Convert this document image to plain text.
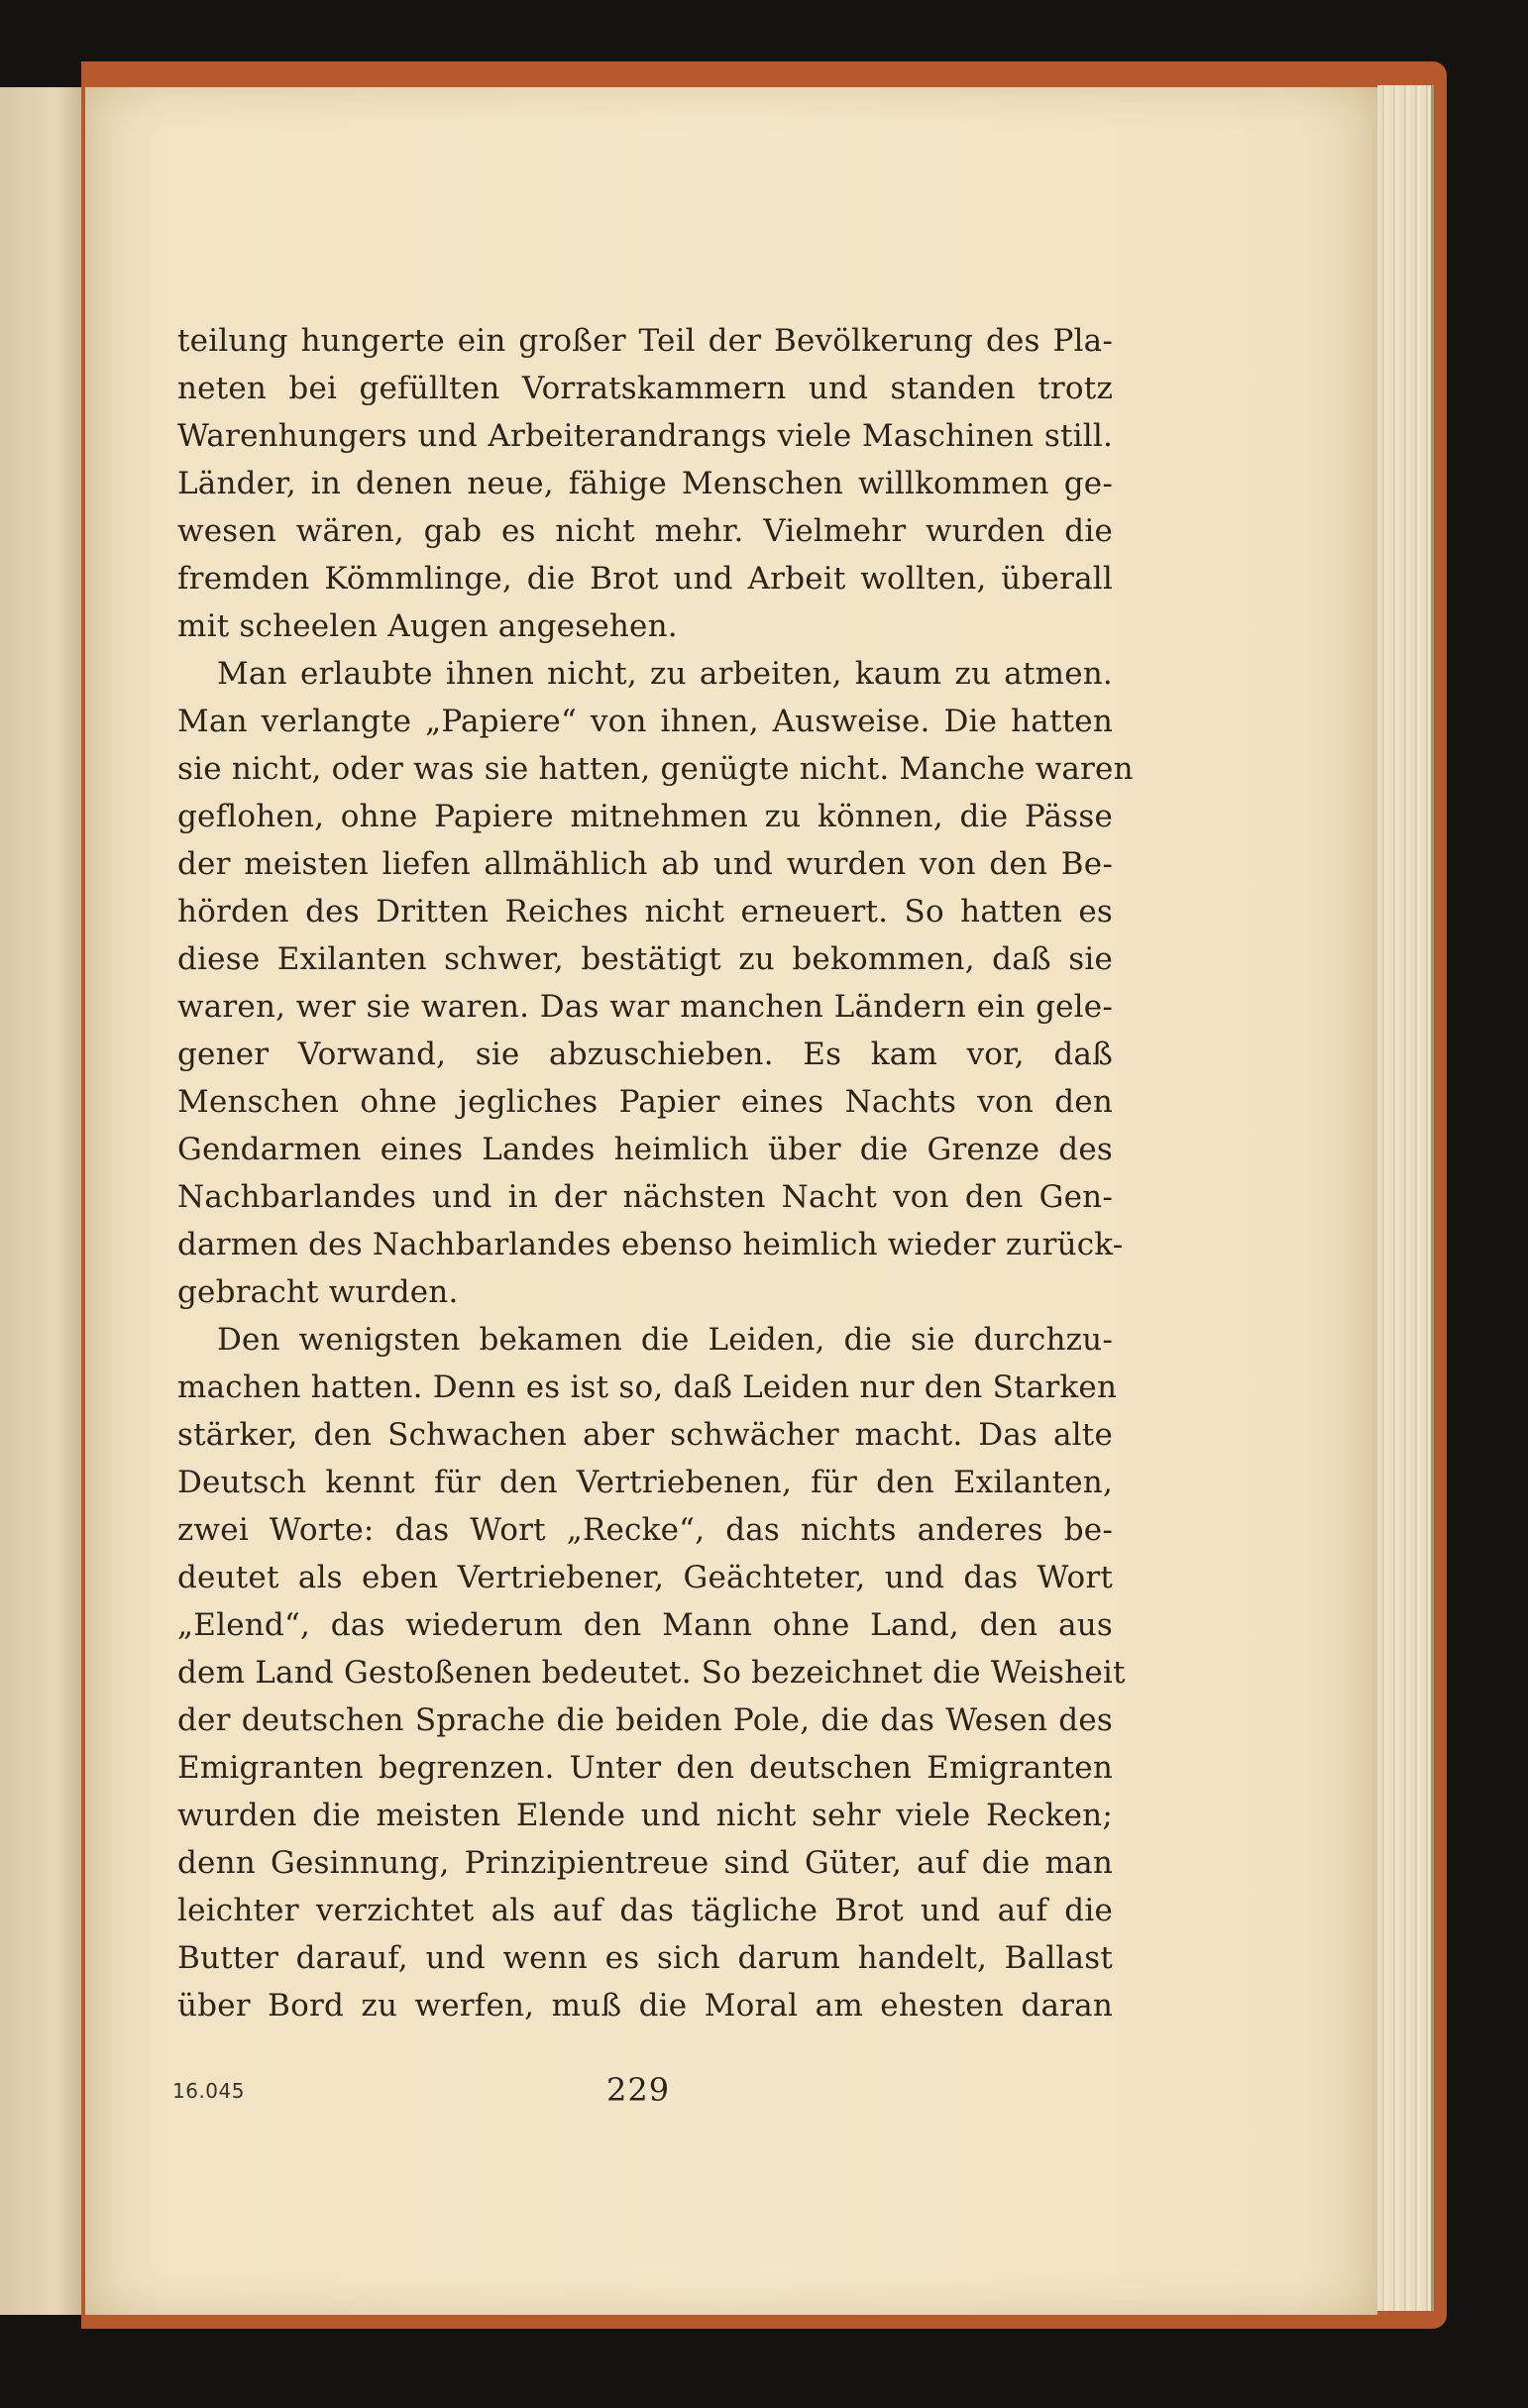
teilung hungerte ein großer Teil der Bevölkerung des Pla-
neten bei gefüllten Vorratskammern und standen trotz
Warenhungers und Arbeiterandrangs viele Maschinen still.
Länder, in denen neue, fähige Menschen willkommen ge-
wesen wären, gab es nicht mehr. Vielmehr wurden die
fremden Kömmlinge, die Brot und Arbeit wollten, überall
mit scheelen Augen angesehen.
Man erlaubte ihnen nicht, zu arbeiten, kaum zu atmen.
Man verlangte „Papiere“ von ihnen, Ausweise. Die hatten
sie nicht, oder was sie hatten, genügte nicht. Manche waren
geflohen, ohne Papiere mitnehmen zu können, die Pässe
der meisten liefen allmählich ab und wurden von den Be-
hörden des Dritten Reiches nicht erneuert. So hatten es
diese Exilanten schwer, bestätigt zu bekommen, daß sie
waren, wer sie waren. Das war manchen Ländern ein gele-
gener Vorwand, sie abzuschieben. Es kam vor, daß
Menschen ohne jegliches Papier eines Nachts von den
Gendarmen eines Landes heimlich über die Grenze des
Nachbarlandes und in der nächsten Nacht von den Gen-
darmen des Nachbarlandes ebenso heimlich wieder zurück-
gebracht wurden.
Den wenigsten bekamen die Leiden, die sie durchzu-
machen hatten. Denn es ist so, daß Leiden nur den Starken
stärker, den Schwachen aber schwächer macht. Das alte
Deutsch kennt für den Vertriebenen, für den Exilanten,
zwei Worte: das Wort „Recke“, das nichts anderes be-
deutet als eben Vertriebener, Geächteter, und das Wort
„Elend“, das wiederum den Mann ohne Land, den aus
dem Land Gestoßenen bedeutet. So bezeichnet die Weisheit
der deutschen Sprache die beiden Pole, die das Wesen des
Emigranten begrenzen. Unter den deutschen Emigranten
wurden die meisten Elende und nicht sehr viele Recken;
denn Gesinnung, Prinzipientreue sind Güter, auf die man
leichter verzichtet als auf das tägliche Brot und auf die
Butter darauf, und wenn es sich darum handelt, Ballast
über Bord zu werfen, muß die Moral am ehesten daran
16.045	229
